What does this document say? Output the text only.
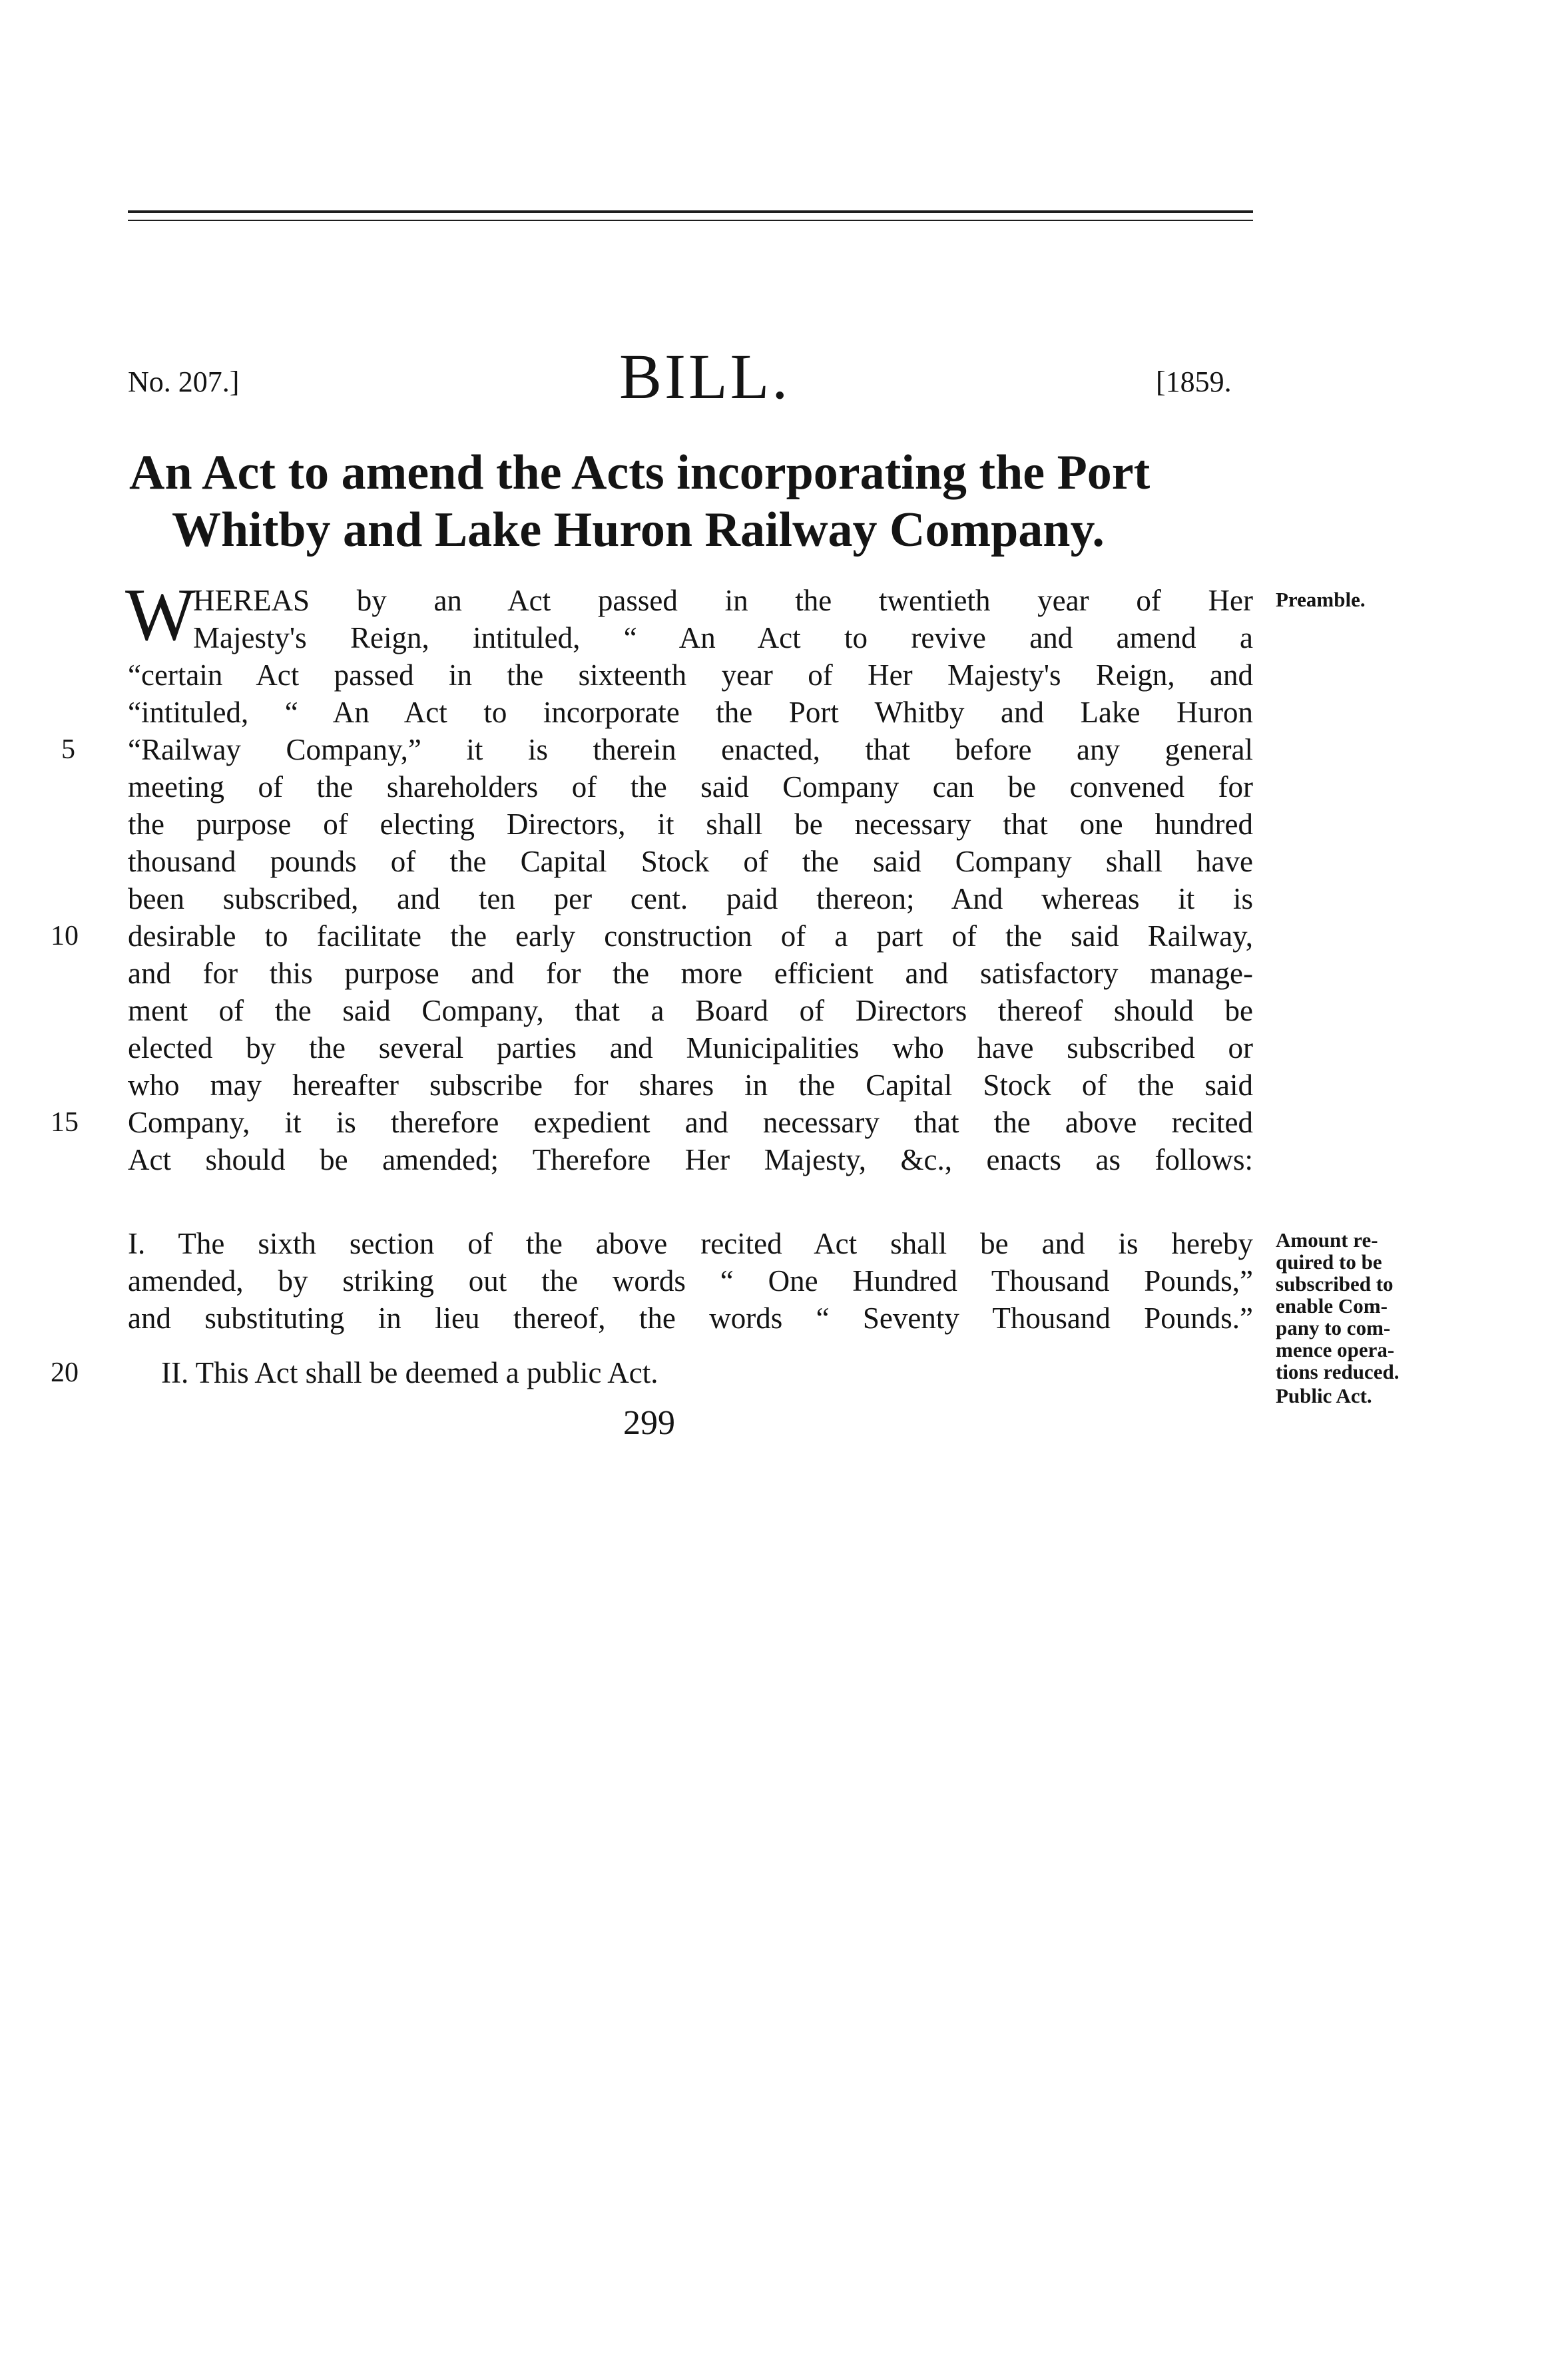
No. 207.]	BILL.	[1859.
An Act to amend the Acts incorporating the Port
Whitby and Lake Huron Railway Company.
W	Preamble.
HEREAS by an Act passed in the twentieth year of Her
Majesty's Reign, intituled, “ An Act to revive and amend a
“certain Act passed in the sixteenth year of Her Majesty's Reign, and
“intituled, “ An Act to incorporate the Port Whitby and Lake Huron
“Railway Company,” it is therein enacted, that before any general
meeting of the shareholders of the said Company can be convened for
the purpose of electing Directors, it shall be necessary that one hundred
thousand pounds of the Capital Stock of the said Company shall have
been subscribed, and ten per cent. paid thereon; And whereas it is
desirable to facilitate the early construction of a part of the said Railway,
and for this purpose and for the more efficient and satisfactory manage-
ment of the said Company, that a Board of Directors thereof should be
elected by the several parties and Municipalities who have subscribed or
who may hereafter subscribe for shares in the Capital Stock of the said
Company, it is therefore expedient and necessary that the above recited
Act should be amended; Therefore Her Majesty, &c., enacts as follows:
5
10
15
20
I. The sixth section of the above recited Act shall be and is hereby
amended, by striking out the words “ One Hundred Thousand Pounds,”
and substituting in lieu thereof, the words “ Seventy Thousand Pounds.”
Amount re-
quired to be
subscribed to
enable Com-
pany to com-
mence opera-
tions reduced.
II. This Act shall be deemed a public Act.
Public Act.
299
